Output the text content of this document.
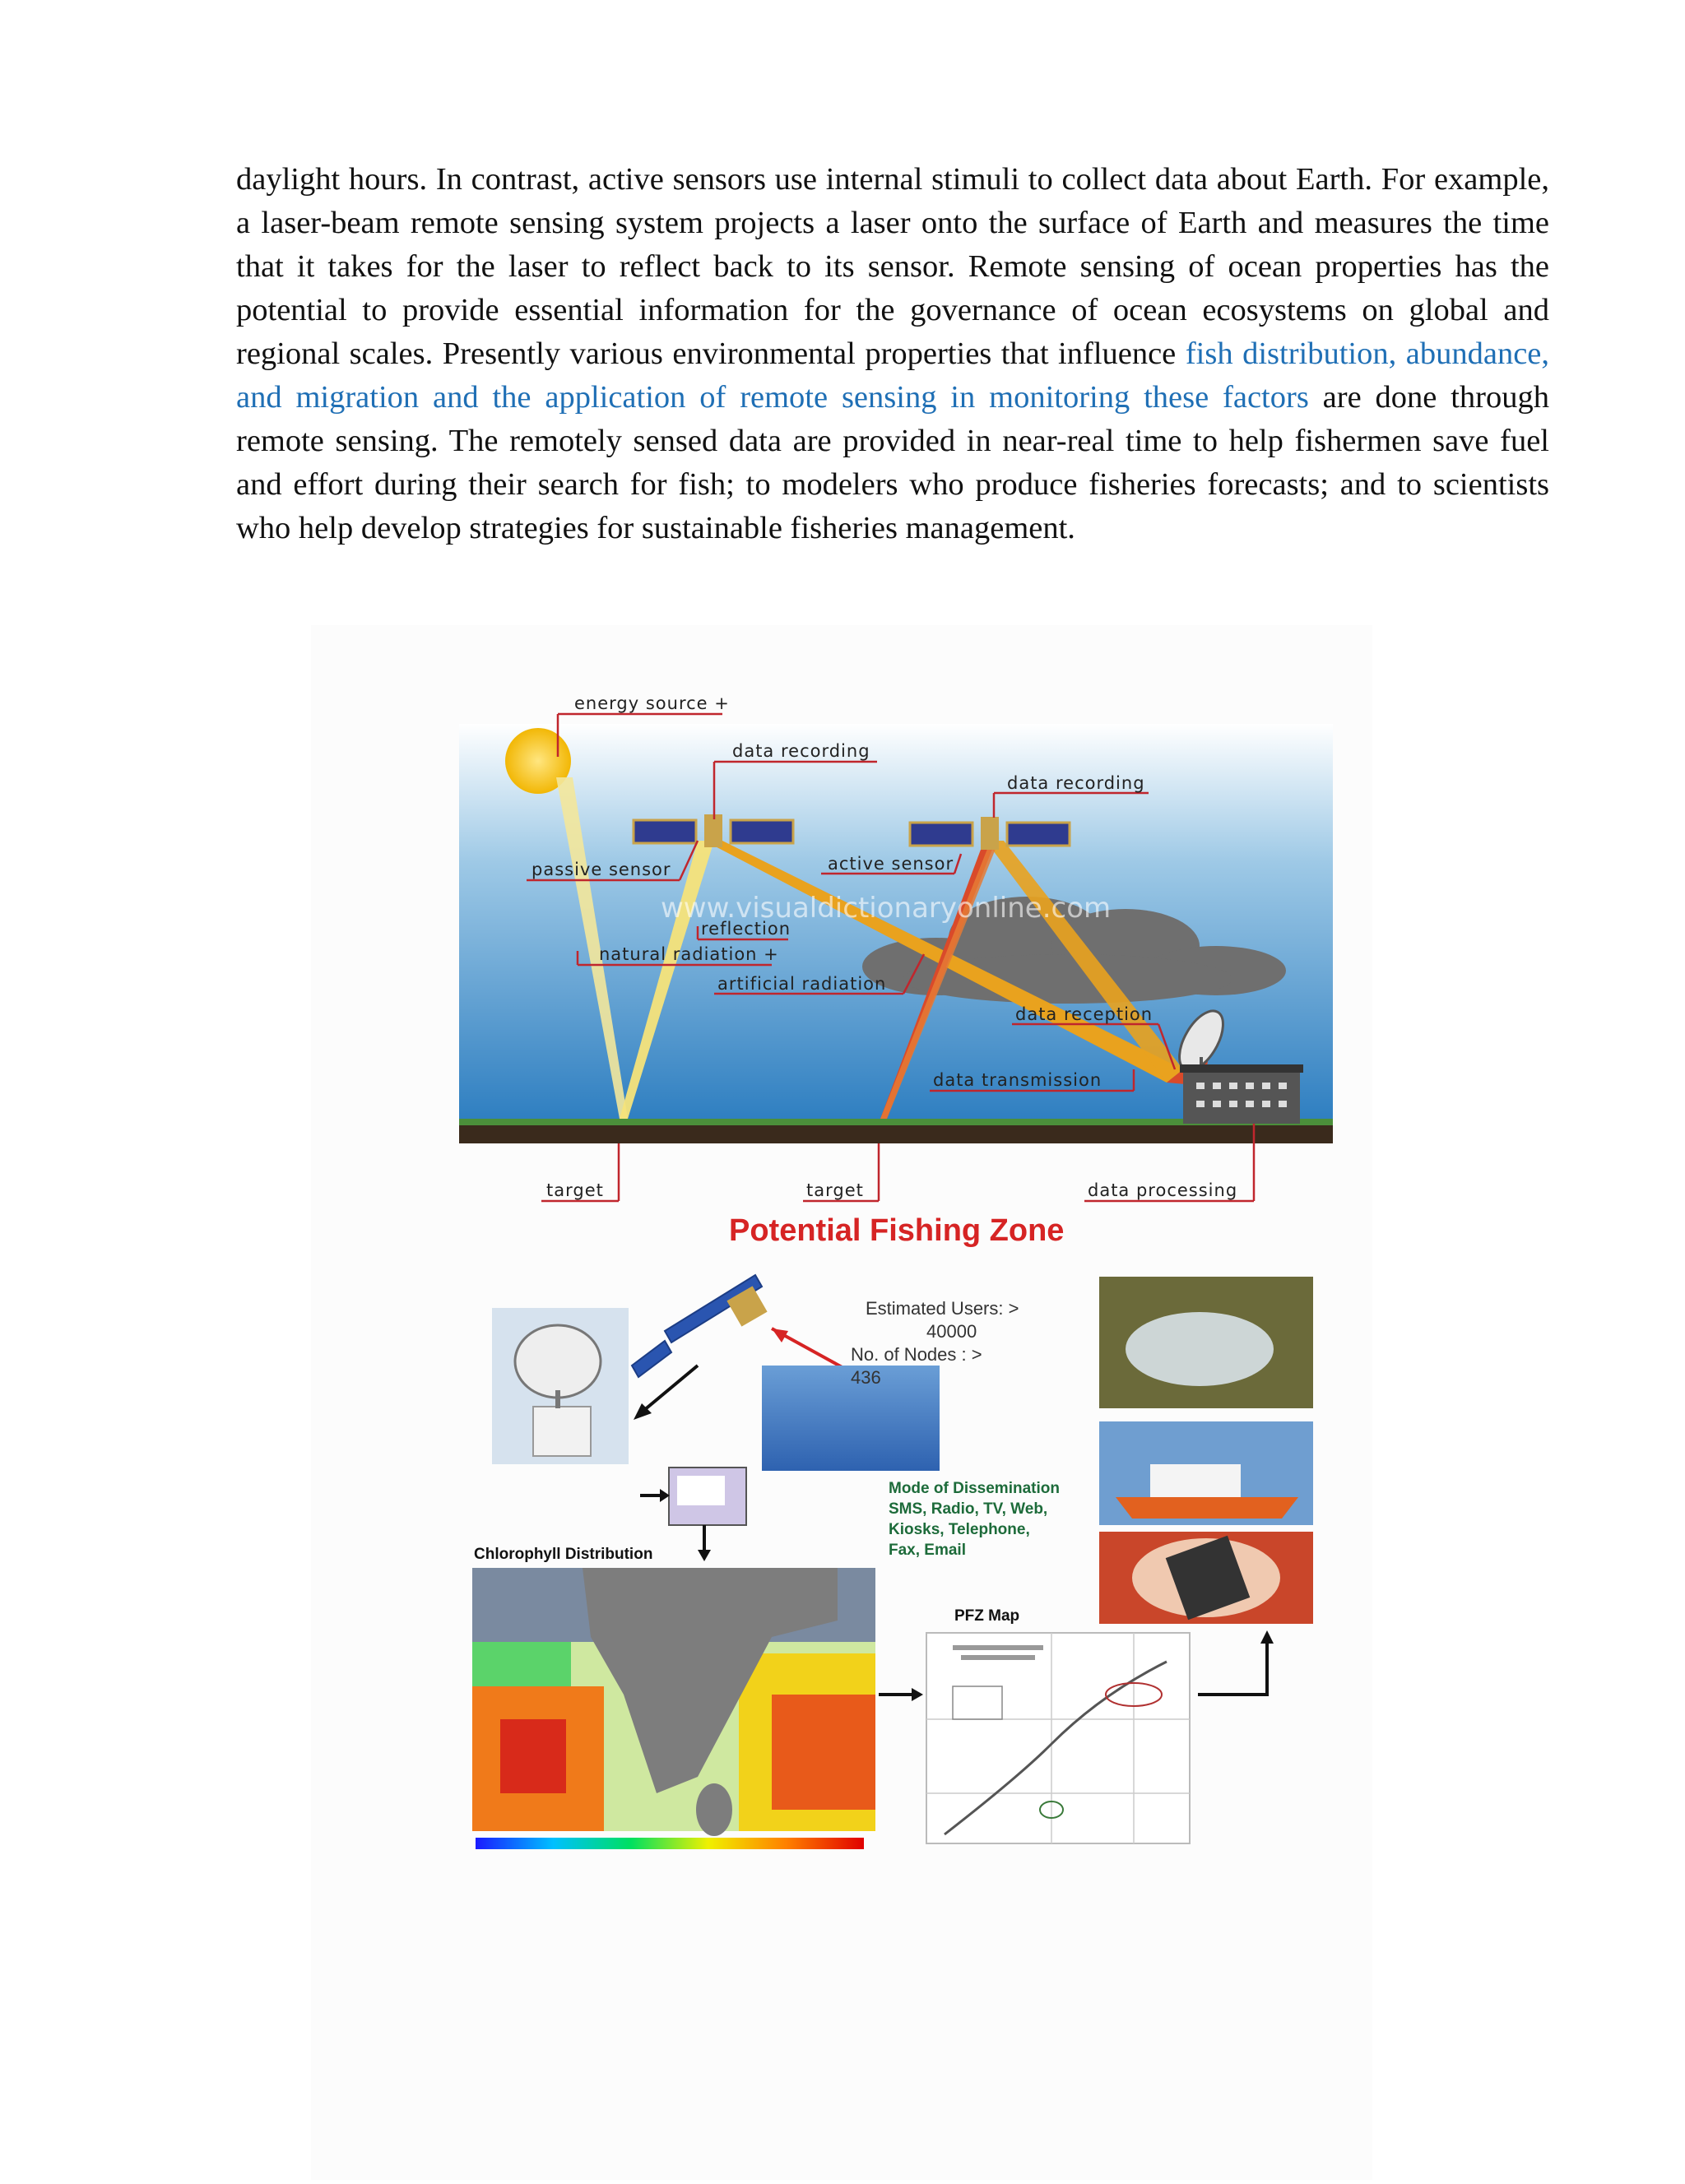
daylight hours. In contrast, active sensors use internal stimuli to collect data about Earth. For example, a laser-beam remote sensing system projects a laser onto the surface of Earth and measures the time that it takes for the laser to reflect back to its sensor. Remote sensing of ocean properties has the potential to provide essential information for the governance of ocean ecosystems on global and regional scales. Presently various environmental properties that influence fish distribution, abundance, and migration and the application of remote sensing in monitoring these factors are done through remote sensing. The remotely sensed data are provided in near-real time to help fishermen save fuel and effort during their search for fish; to modelers who produce fisheries forecasts; and to scientists who help develop strategies for sustainable fisheries management.
www.visualdictionaryonline.com
energy source +
data recording
data recording
passive sensor	active sensor
reflection
natural radiation +
artificial radiation
data reception
data transmission
target	target	data processing
Potential Fishing Zone
Estimated Users: >
40000
No. of Nodes : >
436
Mode of Dissemination
SMS, Radio, TV, Web,
Kiosks, Telephone,
Fax, Email
Chlorophyll Distribution
PFZ Map
